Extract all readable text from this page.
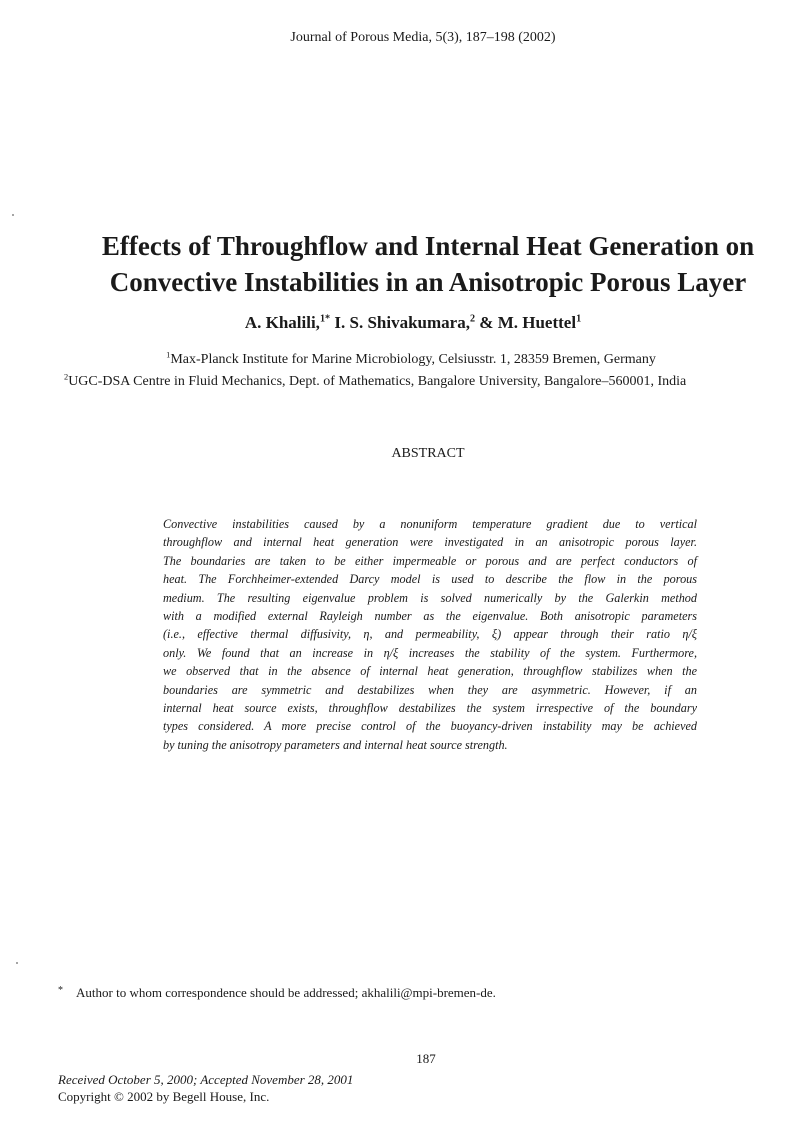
Journal of Porous Media, 5(3), 187–198 (2002)
Effects of Throughflow and Internal Heat Generation on
Convective Instabilities in an Anisotropic Porous Layer
A. Khalili,$^{1*}$ I. S. Shivakumara,$^2$ & M. Huettel$^1$
$^1$Max-Planck Institute for Marine Microbiology, Celsiusstr. 1, 28359 Bremen, Germany
$^2$UGC-DSA Centre in Fluid Mechanics, Dept. of Mathematics, Bangalore University, Bangalore–560001, India
ABSTRACT
Convective instabilities caused by a nonuniform temperature gradient due to vertical
throughflow and internal heat generation were investigated in an anisotropic porous layer.
The boundaries are taken to be either impermeable or porous and are perfect conductors of
heat. The Forchheimer-extended Darcy model is used to describe the flow in the porous
medium. The resulting eigenvalue problem is solved numerically by the Galerkin method
with a modified external Rayleigh number as the eigenvalue. Both anisotropic parameters
(i.e., effective thermal diffusivity, η, and permeability, ξ) appear through their ratio η/ξ
only. We found that an increase in η/ξ increases the stability of the system. Furthermore,
we observed that in the absence of internal heat generation, throughflow stabilizes when the
boundaries are symmetric and destabilizes when they are asymmetric. However, if an
internal heat source exists, throughflow destabilizes the system irrespective of the boundary
types considered. A more precise control of the buoyancy-driven instability may be achieved
by tuning the anisotropy parameters and internal heat source strength.
* Author to whom correspondence should be addressed; akhalili@mpi-bremen-de.
187
Received October 5, 2000; Accepted November 28, 2001
Copyright © 2002 by Begell House, Inc.
